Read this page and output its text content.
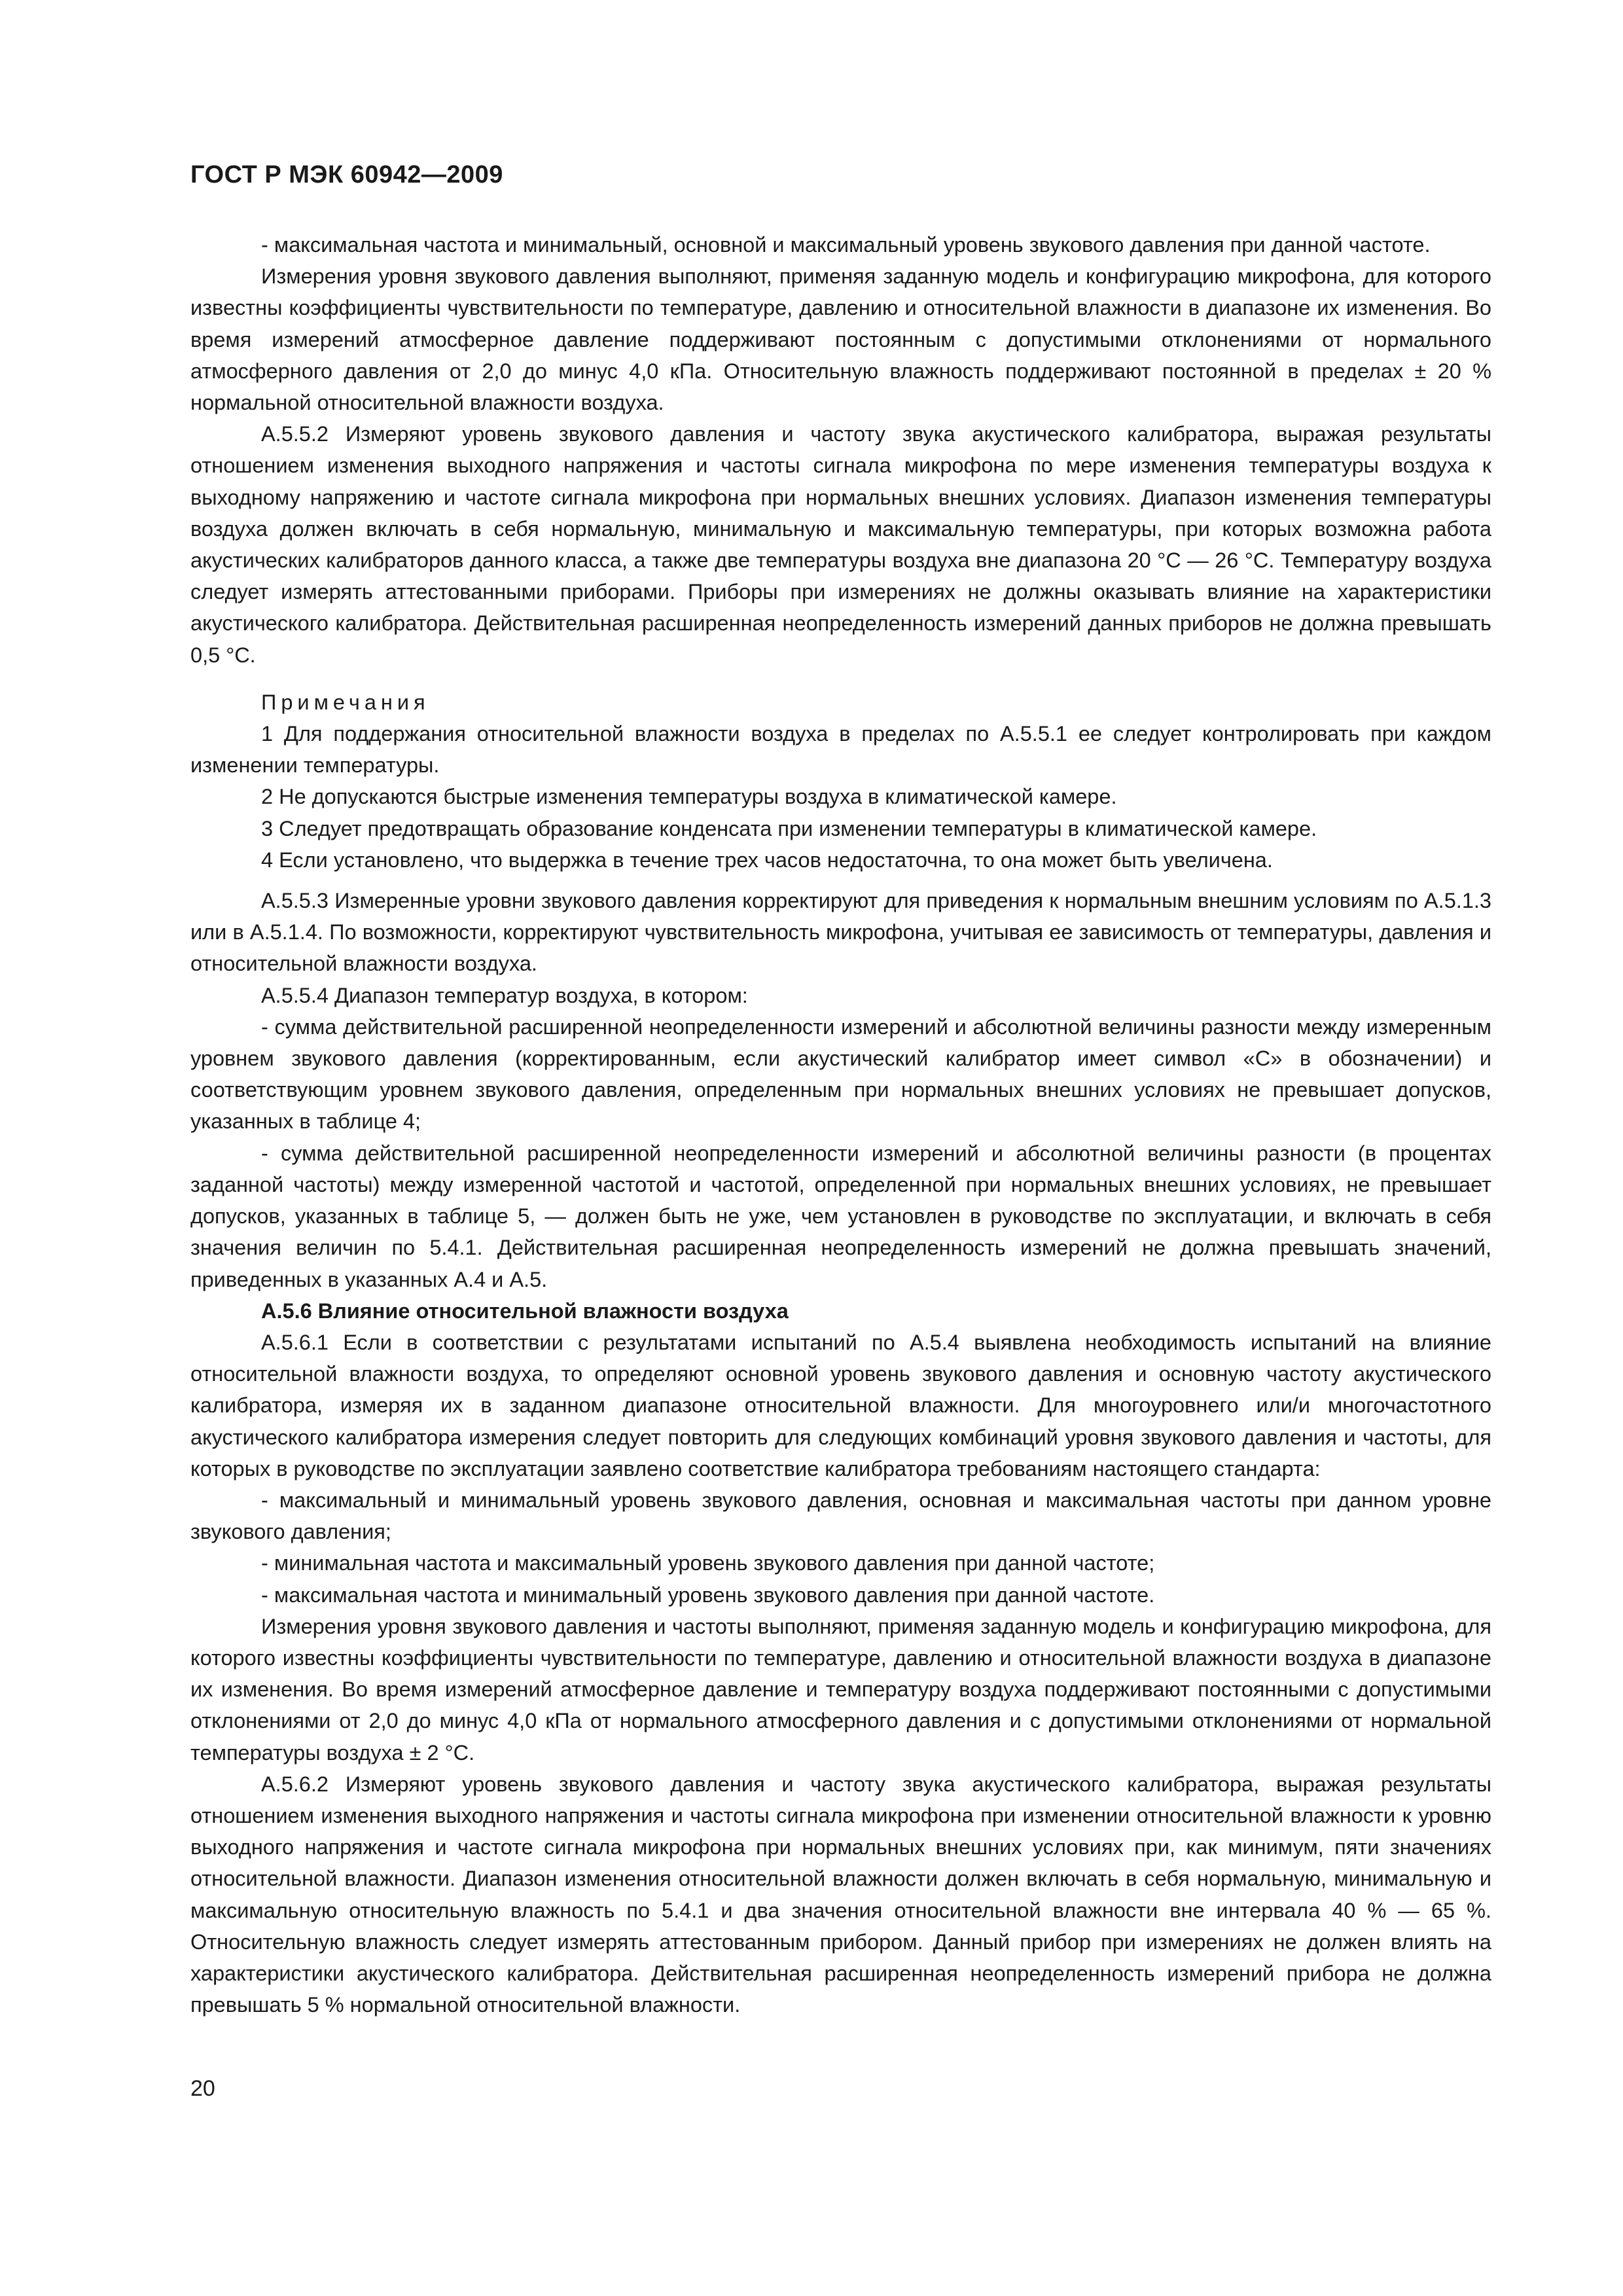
ГОСТ Р МЭК 60942—2009

- максимальная частота и минимальный, основной и максимальный уровень звукового давления при данной частоте.

Измерения уровня звукового давления выполняют, применяя заданную модель и конфигурацию микрофона, для которого известны коэффициенты чувствительности по температуре, давлению и относительной влажности в диапазоне их изменения. Во время измерений атмосферное давление поддерживают постоянным с допустимыми отклонениями от нормального атмосферного давления от 2,0 до минус 4,0 кПа. Относительную влажность поддерживают постоянной в пределах ± 20 % нормальной относительной влажности воздуха.

А.5.5.2 Измеряют уровень звукового давления и частоту звука акустического калибратора, выражая результаты отношением изменения выходного напряжения и частоты сигнала микрофона по мере изменения температуры воздуха к выходному напряжению и частоте сигнала микрофона при нормальных внешних условиях. Диапазон изменения температуры воздуха должен включать в себя нормальную, минимальную и максимальную температуры, при которых возможна работа акустических калибраторов данного класса, а также две температуры воздуха вне диапазона 20 °С — 26 °С. Температуру воздуха следует измерять аттестованными приборами. Приборы при измерениях не должны оказывать влияние на характеристики акустического калибратора. Действительная расширенная неопределенность измерений данных приборов не должна превышать 0,5 °С.

Примечания

1 Для поддержания относительной влажности воздуха в пределах по А.5.5.1 ее следует контролировать при каждом изменении температуры.

2 Не допускаются быстрые изменения температуры воздуха в климатической камере.

3 Следует предотвращать образование конденсата при изменении температуры в климатической камере.

4 Если установлено, что выдержка в течение трех часов недостаточна, то она может быть увеличена.

А.5.5.3 Измеренные уровни звукового давления корректируют для приведения к нормальным внешним условиям по А.5.1.3 или в А.5.1.4. По возможности, корректируют чувствительность микрофона, учитывая ее зависимость от температуры, давления и относительной влажности воздуха.

А.5.5.4 Диапазон температур воздуха, в котором:

- сумма действительной расширенной неопределенности измерений и абсолютной величины разности между измеренным уровнем звукового давления (корректированным, если акустический калибратор имеет символ «С» в обозначении) и соответствующим уровнем звукового давления, определенным при нормальных внешних условиях не превышает допусков, указанных в таблице 4;

- сумма действительной расширенной неопределенности измерений и абсолютной величины разности (в процентах заданной частоты) между измеренной частотой и частотой, определенной при нормальных внешних условиях, не превышает допусков, указанных в таблице 5, — должен быть не уже, чем установлен в руководстве по эксплуатации, и включать в себя значения величин по 5.4.1. Действительная расширенная неопределенность измерений не должна превышать значений, приведенных в указанных А.4 и А.5.

А.5.6 Влияние относительной влажности воздуха

А.5.6.1 Если в соответствии с результатами испытаний по А.5.4 выявлена необходимость испытаний на влияние относительной влажности воздуха, то определяют основной уровень звукового давления и основную частоту акустического калибратора, измеряя их в заданном диапазоне относительной влажности. Для многоуровнего или/и многочастотного акустического калибратора измерения следует повторить для следующих комбинаций уровня звукового давления и частоты, для которых в руководстве по эксплуатации заявлено соответствие калибратора требованиям настоящего стандарта:

- максимальный и минимальный уровень звукового давления, основная и максимальная частоты при данном уровне звукового давления;

- минимальная частота и максимальный уровень звукового давления при данной частоте;

- максимальная частота и минимальный уровень звукового давления при данной частоте.

Измерения уровня звукового давления и частоты выполняют, применяя заданную модель и конфигурацию микрофона, для которого известны коэффициенты чувствительности по температуре, давлению и относительной влажности воздуха в диапазоне их изменения. Во время измерений атмосферное давление и температуру воздуха поддерживают постоянными с допустимыми отклонениями от 2,0 до минус 4,0 кПа от нормального атмосферного давления и с допустимыми отклонениями от нормальной температуры воздуха ± 2 °С.

А.5.6.2 Измеряют уровень звукового давления и частоту звука акустического калибратора, выражая результаты отношением изменения выходного напряжения и частоты сигнала микрофона при изменении относительной влажности к уровню выходного напряжения и частоте сигнала микрофона при нормальных внешних условиях при, как минимум, пяти значениях относительной влажности. Диапазон изменения относительной влажности должен включать в себя нормальную, минимальную и максимальную относительную влажность по 5.4.1 и два значения относительной влажности вне интервала 40 % — 65 %. Относительную влажность следует измерять аттестованным прибором. Данный прибор при измерениях не должен влиять на характеристики акустического калибратора. Действительная расширенная неопределенность измерений прибора не должна превышать 5 % нормальной относительной влажности.

20
